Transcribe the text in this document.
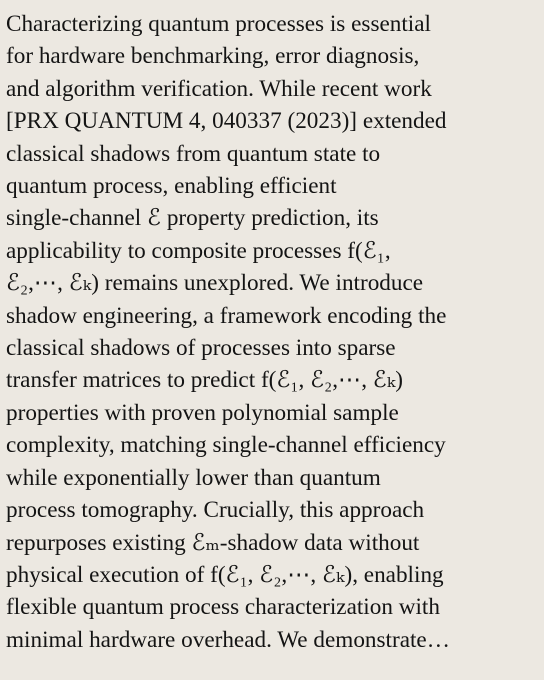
Characterizing quantum processes is essential
for hardware benchmarking, error diagnosis,
and algorithm verification. While recent work
[PRX QUANTUM 4, 040337 (2023)] extended
classical shadows from quantum state to
quantum process, enabling efficient
single-channel ℰ property prediction, its
applicability to composite processes f(ℰ₁,
ℰ₂,⋯, ℰₖ) remains unexplored. We introduce
shadow engineering, a framework encoding the
classical shadows of processes into sparse
transfer matrices to predict f(ℰ₁, ℰ₂,⋯, ℰₖ)
properties with proven polynomial sample
complexity, matching single-channel efficiency
while exponentially lower than quantum
process tomography. Crucially, this approach
repurposes existing ℰₘ-shadow data without
physical execution of f(ℰ₁, ℰ₂,⋯, ℰₖ), enabling
flexible quantum process characterization with
minimal hardware overhead. We demonstrate…
